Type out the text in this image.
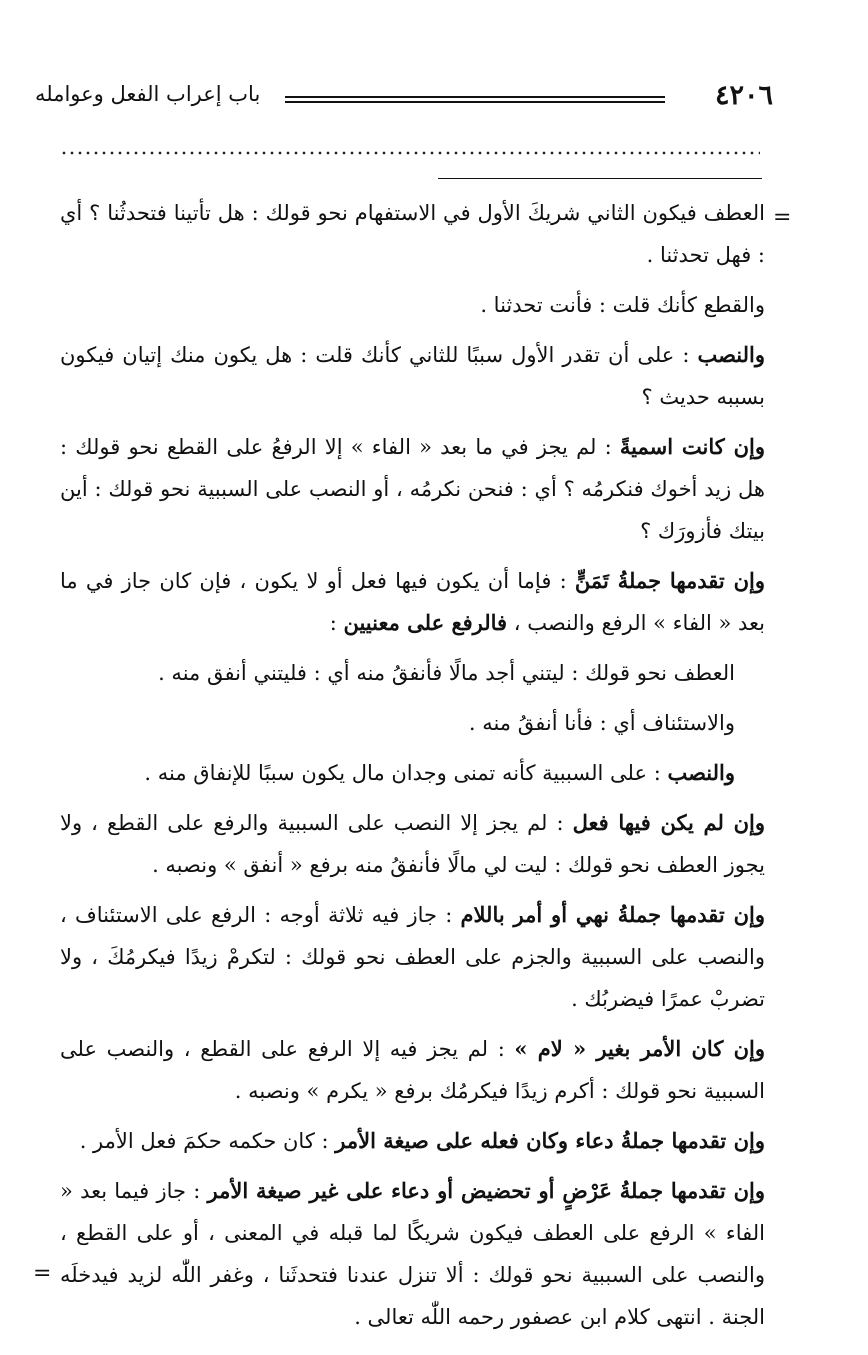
٤٢٠٦
باب إعراب الفعل وعوامله
=
=

العطف فيكون الثاني شريكَ الأول في الاستفهام نحو قولك : هل تأتينا فتحدثُنا ؟ أي : فهل تحدثنا .

والقطع كأنك قلت : فأنت تحدثنا .

والنصب : على أن تقدر الأول سببًا للثاني كأنك قلت : هل يكون منك إتيان فيكون بسببه حديث ؟

وإن كانت اسميةً : لم يجز في ما بعد « الفاء » إلا الرفعُ على القطع نحو قولك : هل زيد أخوك فنكرمُه ؟ أي : فنحن نكرمُه ، أو النصب على السببية نحو قولك : أين بيتك فأزورَك ؟

وإن تقدمها جملةُ تَمَنٍّ : فإما أن يكون فيها فعل أو لا يكون ، فإن كان جاز في ما بعد « الفاء » الرفع والنصب ، فالرفع على معنيين :

العطف نحو قولك : ليتني أجد مالًا فأنفقُ منه أي : فليتني أنفق منه .

والاستئناف أي : فأنا أنفقُ منه .

والنصب : على السببية كأنه تمنى وجدان مال يكون سببًا للإنفاق منه .

وإن لم يكن فيها فعل : لم يجز إلا النصب على السببية والرفع على القطع ، ولا يجوز العطف نحو قولك : ليت لي مالًا فأنفقُ منه برفع « أنفق » ونصبه .

وإن تقدمها جملةُ نهي أو أمر باللام : جاز فيه ثلاثة أوجه : الرفع على الاستئناف ، والنصب على السببية والجزم على العطف نحو قولك : لتكرمْ زيدًا فيكرمُكَ ، ولا تضربْ عمرًا فيضربُك .

وإن كان الأمر بغير « لام » : لم يجز فيه إلا الرفع على القطع ، والنصب على السببية نحو قولك : أكرم زيدًا فيكرمُك برفع « يكرم » ونصبه .

وإن تقدمها جملةُ دعاء وكان فعله على صيغة الأمر : كان حكمه حكمَ فعل الأمر .

وإن تقدمها جملةُ عَرْضٍ أو تحضيض أو دعاء على غير صيغة الأمر : جاز فيما بعد « الفاء » الرفع على العطف فيكون شريكًا لما قبله في المعنى ، أو على القطع ، والنصب على السببية نحو قولك : ألا تنزل عندنا فتحدثَنا ، وغفر اللّٰه لزيد فيدخلَه الجنة . انتهى كلام ابن عصفور رحمه اللّٰه تعالى .
